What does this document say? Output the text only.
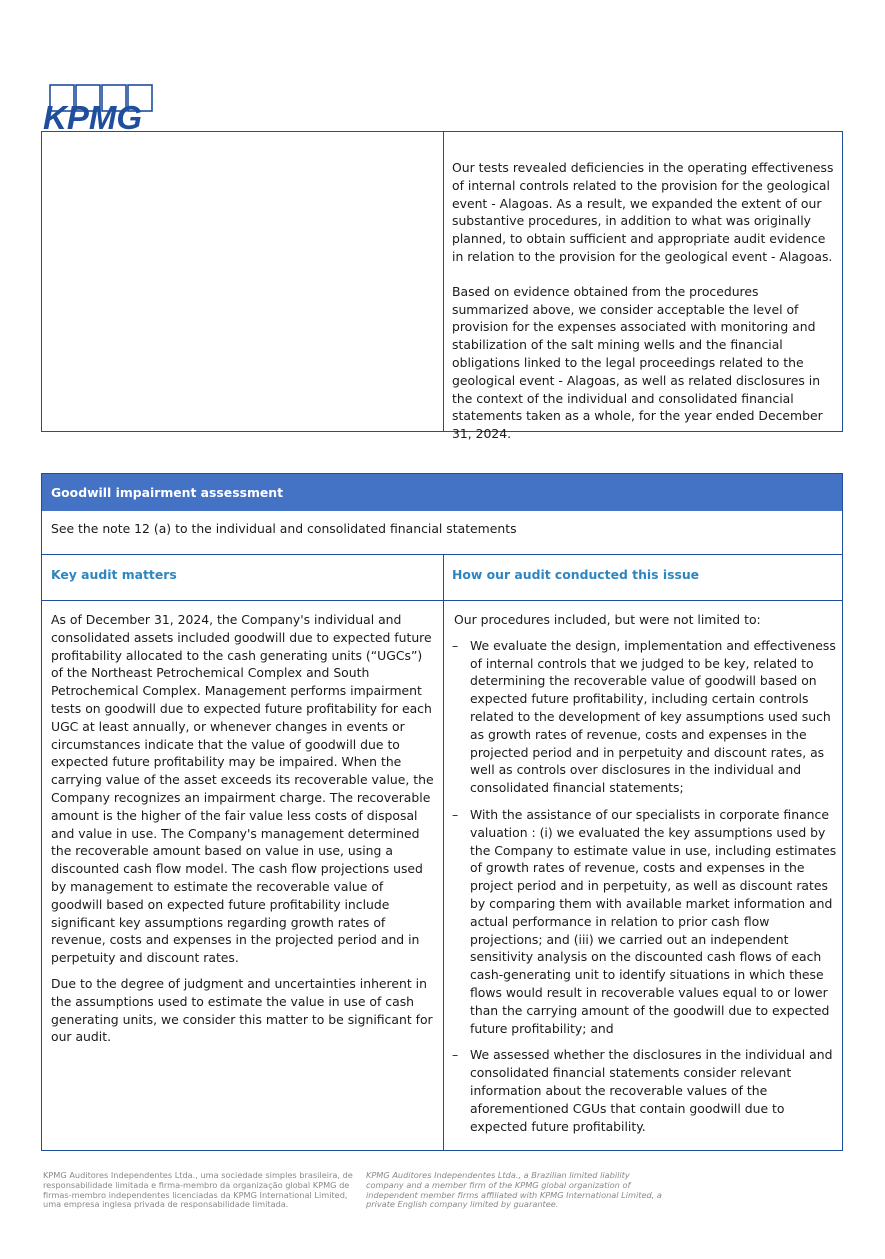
KPMG

Our tests revealed deficiencies in the operating effectiveness of internal controls related to the provision for the geological event - Alagoas. As a result, we expanded the extent of our substantive procedures, in addition to what was originally planned, to obtain sufficient and appropriate audit evidence in relation to the provision for the geological event - Alagoas.

Based on evidence obtained from the procedures summarized above, we consider acceptable the level of provision for the expenses associated with monitoring and stabilization of the salt mining wells and the financial obligations linked to the legal proceedings related to the geological event - Alagoas, as well as related disclosures in the context of the individual and consolidated financial statements taken as a whole, for the year ended December 31, 2024.

Goodwill impairment assessment
See the note 12 (a) to the individual and consolidated financial statements
Key audit matters	How our audit conducted this issue

As of December 31, 2024, the Company's individual and consolidated assets included goodwill due to expected future profitability allocated to the cash generating units (“UGCs”) of the Northeast Petrochemical Complex and South Petrochemical Complex. Management performs impairment tests on goodwill due to expected future profitability for each UGC at least annually, or whenever changes in events or circumstances indicate that the value of goodwill due to expected future profitability may be impaired. When the carrying value of the asset exceeds its recoverable value, the Company recognizes an impairment charge. The recoverable amount is the higher of the fair value less costs of disposal and value in use. The Company's management determined the recoverable amount based on value in use, using a discounted cash flow model. The cash flow projections used by management to estimate the recoverable value of goodwill based on expected future profitability include significant key assumptions regarding growth rates of revenue, costs and expenses in the projected period and in perpetuity and discount rates.

Due to the degree of judgment and uncertainties inherent in the assumptions used to estimate the value in use of cash generating units, we consider this matter to be significant for our audit.

Our procedures included, but were not limited to:

– We evaluate the design, implementation and effectiveness of internal controls that we judged to be key, related to determining the recoverable value of goodwill based on expected future profitability, including certain controls related to the development of key assumptions used such as growth rates of revenue, costs and expenses in the projected period and in perpetuity and discount rates, as well as controls over disclosures in the individual and consolidated financial statements;
– With the assistance of our specialists in corporate finance valuation : (i) we evaluated the key assumptions used by the Company to estimate value in use, including estimates of growth rates of revenue, costs and expenses in the project period and in perpetuity, as well as discount rates by comparing them with available market information and actual performance in relation to prior cash flow projections; and (iii) we carried out an independent sensitivity analysis on the discounted cash flows of each cash-generating unit to identify situations in which these flows would result in recoverable values equal to or lower than the carrying amount of the goodwill due to expected future profitability; and
– We assessed whether the disclosures in the individual and consolidated financial statements consider relevant information about the recoverable values of the aforementioned CGUs that contain goodwill due to expected future profitability.
KPMG Auditores Independentes Ltda., uma sociedade simples brasileira, de responsabilidade limitada e firma-membro da organização global KPMG de firmas-membro independentes licenciadas da KPMG International Limited, uma empresa inglesa privada de responsabilidade limitada.
KPMG Auditores Independentes Ltda., a Brazilian limited liability company and a member firm of the KPMG global organization of independent member firms affiliated with KPMG International Limited, a private English company limited by guarantee.
